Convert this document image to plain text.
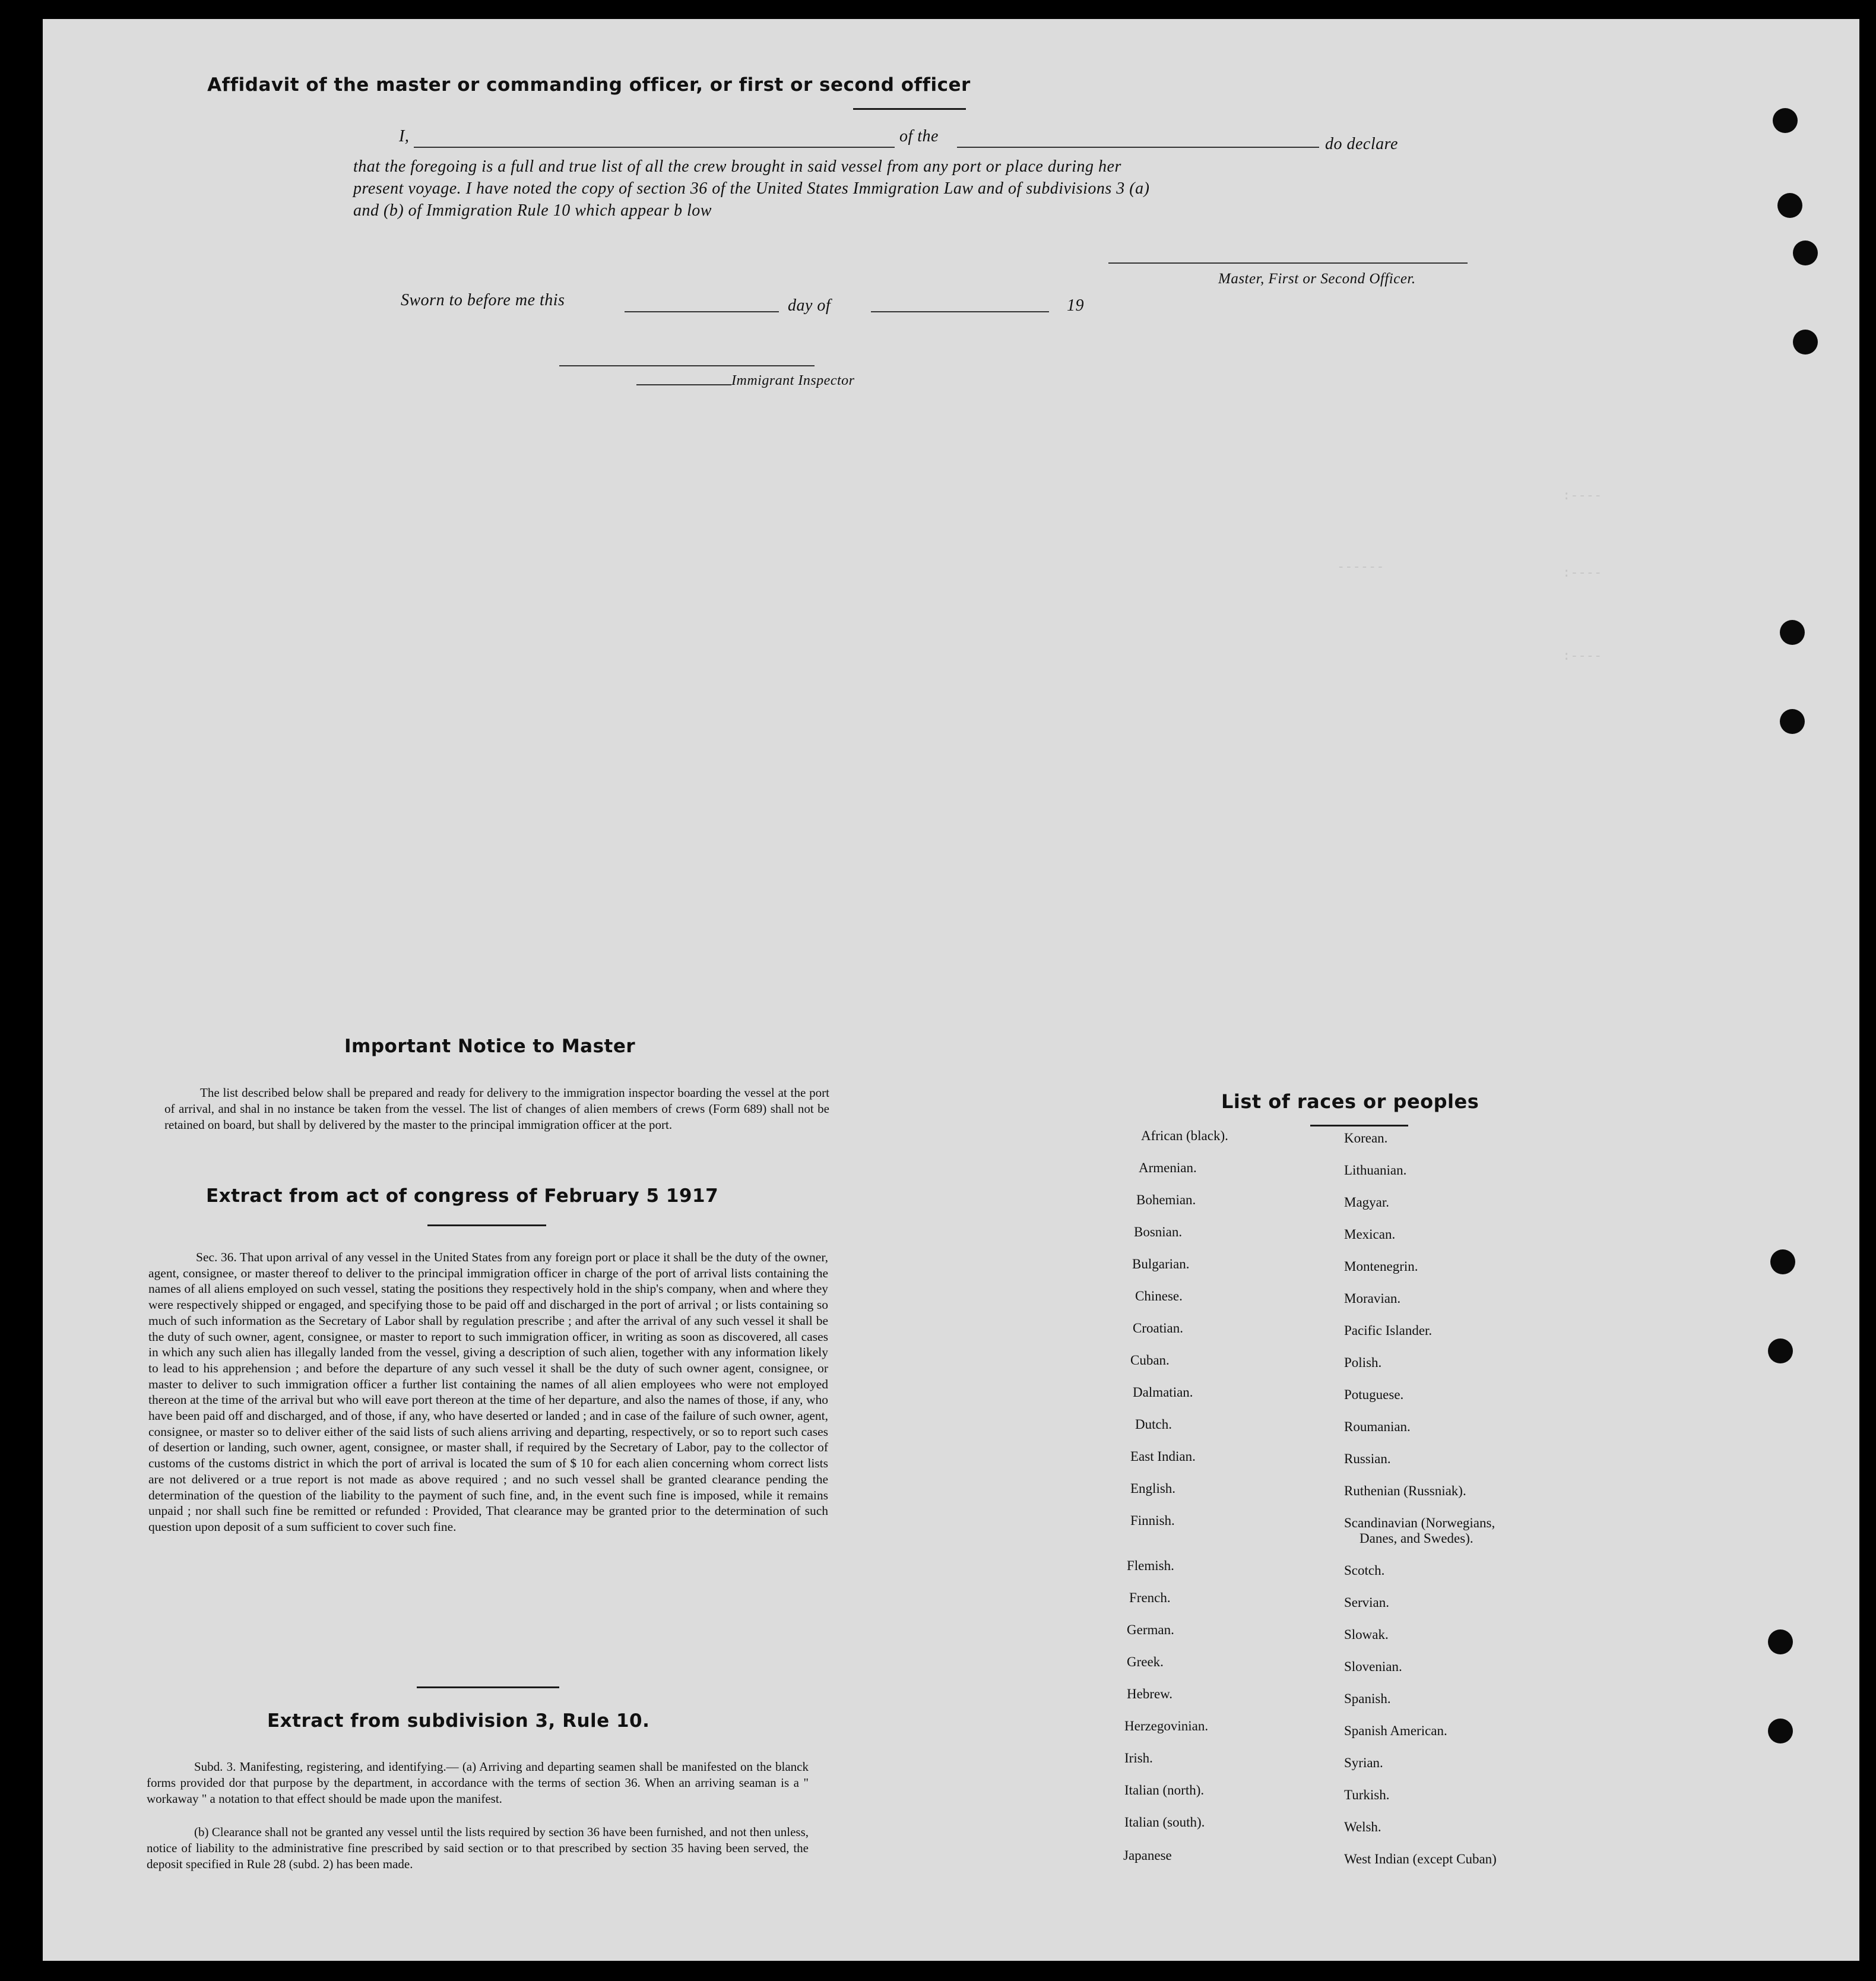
:----
:----
------
:----
Affidavit of the master or commanding officer, or first or second officer
I,	of the	do declare
that the foregoing is a full and true list of all the crew brought in said vessel from any port or place during her
present voyage. I have noted the copy of section 36 of the United States Immigration Law and of subdivisions 3 (a)
and (b) of Immigration Rule 10 which appear b low
Master, First or Second Officer.
Sworn to before me this	day of	19
Immigrant Inspector
Important Notice to Master

The list described below shall be prepared and ready for delivery to the immigration inspector boarding the vessel at the port of arrival, and shal in no instance be taken from the vessel. The list of changes of alien members of crews (Form 689) shall not be retained on board, but shall by delivered by the master to the principal immigration officer at the port.

Extract from act of congress of February 5 1917

Sec. 36. That upon arrival of any vessel in the United States from any foreign port or place it shall be the duty of the owner, agent, consignee, or master thereof to deliver to the principal immigration officer in charge of the port of arrival lists containing the names of all aliens employed on such vessel, stating the positions they respectively hold in the ship's company, when and where they were respectively shipped or engaged, and specifying those to be paid off and discharged in the port of arrival ; or lists containing so much of such information as the Secretary of Labor shall by regulation prescribe ; and after the arrival of any such vessel it shall be the duty of such owner, agent, consignee, or master to report to such immigration officer, in writing as soon as discovered, all cases in which any such alien has illegally landed from the vessel, giving a description of such alien, together with any information likely to lead to his apprehension ; and before the departure of any such vessel it shall be the duty of such owner agent, consignee, or master to deliver to such immigration officer a further list containing the names of all alien employees who were not employed thereon at the time of the arrival but who will eave port thereon at the time of her departure, and also the names of those, if any, who have been paid off and discharged, and of those, if any, who have deserted or landed ; and in case of the failure of such owner, agent, consignee, or master so to deliver either of the said lists of such aliens arriving and departing, respectively, or so to report such cases of desertion or landing, such owner, agent, consignee, or master shall, if required by the Secretary of Labor, pay to the collector of customs of the customs district in which the port of arrival is located the sum of $ 10 for each alien concerning whom correct lists are not delivered or a true report is not made as above required ; and no such vessel shall be granted clearance pending the determination of the question of the liability to the payment of such fine, and, in the event such fine is imposed, while it remains unpaid ; nor shall such fine be remitted or refunded : Provided, That clearance may be granted prior to the determination of such question upon deposit of a sum sufficient to cover such fine.

Extract from subdivision 3, Rule 10.

Subd. 3. Manifesting, registering, and identifying.— (a) Arriving and departing seamen shall be manifested on the blanck forms provided dor that purpose by the department, in accordance with the terms of section 36. When an arriving seaman is a " workaway " a notation to that effect should be made upon the manifest.

(b) Clearance shall not be granted any vessel until the lists required by section 36 have been furnished, and not then unless, notice of liability to the administrative fine prescribed by said section or to that prescribed by section 35 having been served, the deposit specified in Rule 28 (subd. 2) has been made.

List of races or peoples
African (black).
Armenian.
Bohemian.
Bosnian.
Bulgarian.
Chinese.
Croatian.
Cuban.
Dalmatian.
Dutch.
East Indian.
English.
Finnish.
Flemish.
French.
German.
Greek.
Hebrew.
Herzegovinian.
Irish.
Italian (north).
Italian (south).
Japanese
Korean.
Lithuanian.
Magyar.
Mexican.
Montenegrin.
Moravian.
Pacific Islander.
Polish.
Potuguese.
Roumanian.
Russian.
Ruthenian (Russniak).
Scandinavian (Norwegians,
Danes, and Swedes).
Scotch.
Servian.
Slowak.
Slovenian.
Spanish.
Spanish American.
Syrian.
Turkish.
Welsh.
West Indian (except Cuban)
